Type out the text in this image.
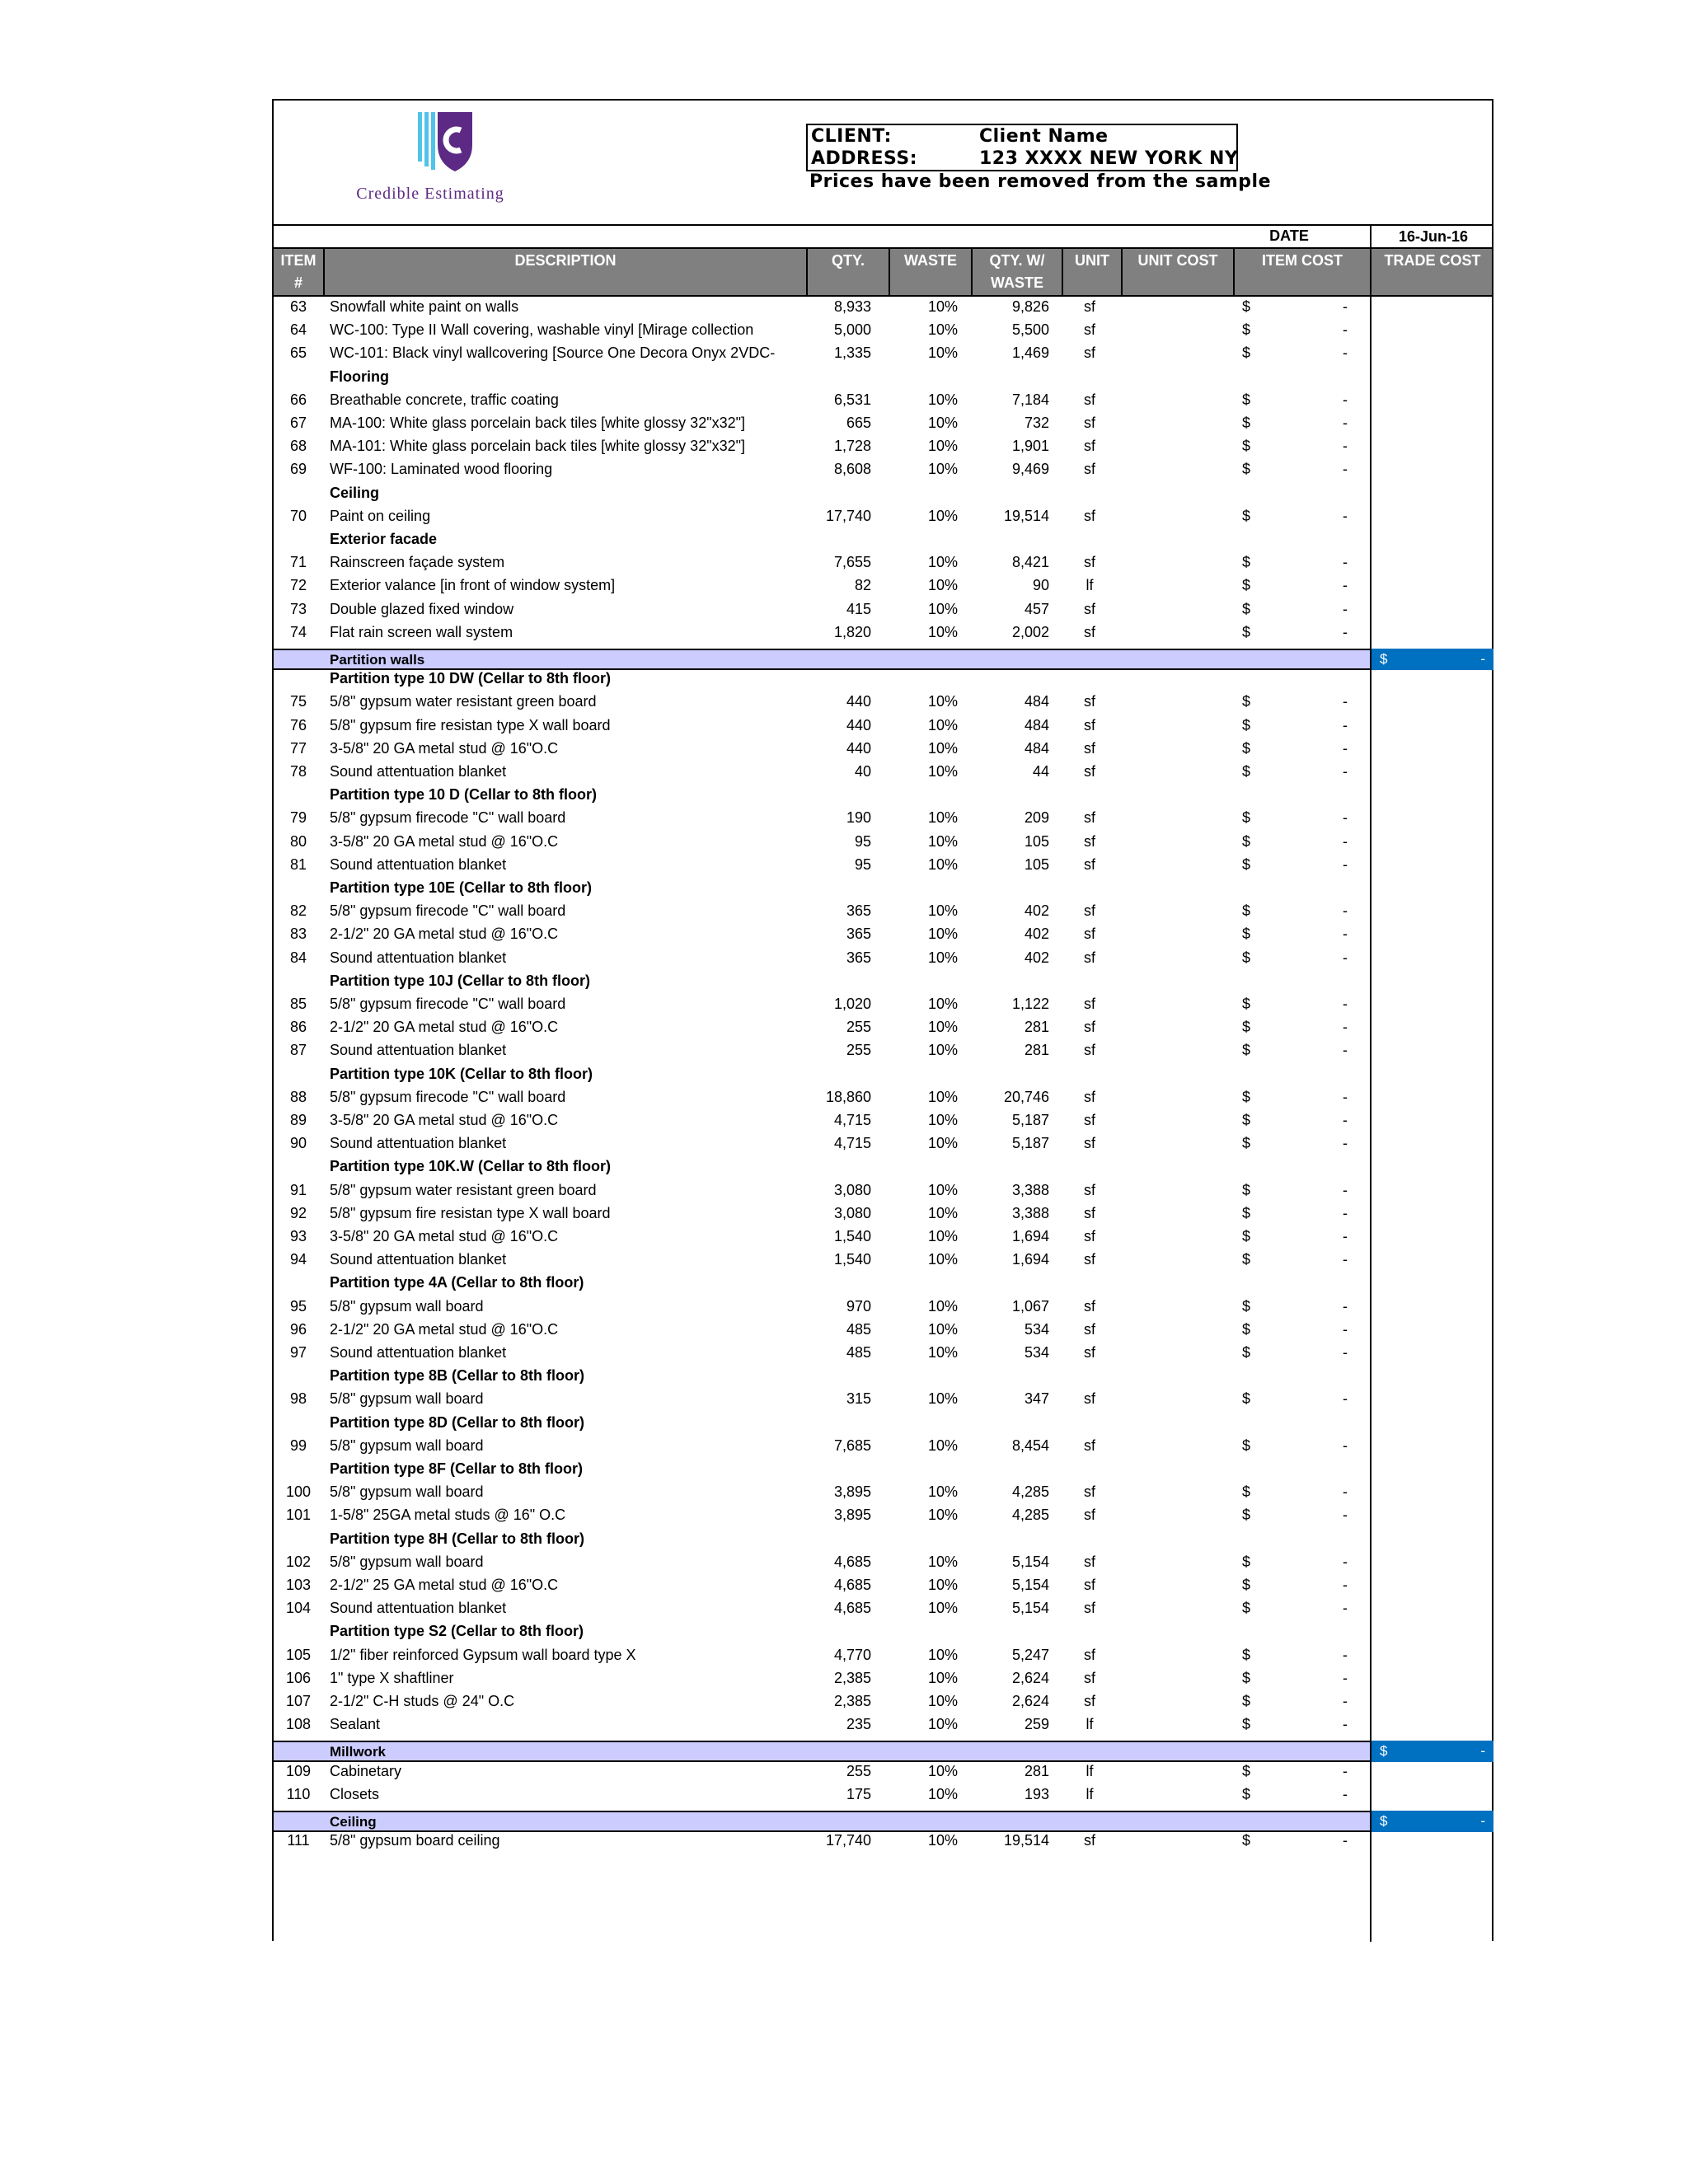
Credible Estimating
CLIENT:	Client Name
ADDRESS:	123 XXXX NEW YORK NY
Prices have been removed from the sample
DATE	16-Jun-16
ITEM
#
DESCRIPTION	QTY.	WASTE	QTY. W/
WASTE
UNIT	UNIT COST	ITEM COST	TRADE COST
63	Snowfall white paint on walls	8,933	10%	9,826	sf	$	-
64	WC-100: Type II Wall covering, washable vinyl [Mirage collection	5,000	10%	5,500	sf	$	-
65	WC-101: Black vinyl wallcovering [Source One Decora Onyx 2VDC-	1,335	10%	1,469	sf	$	-
Flooring
66	Breathable concrete, traffic coating	6,531	10%	7,184	sf	$	-
67	MA-100: White glass porcelain back tiles [white glossy 32"x32"]	665	10%	732	sf	$	-
68	MA-101: White glass porcelain back tiles [white glossy 32"x32"]	1,728	10%	1,901	sf	$	-
69	WF-100: Laminated wood flooring	8,608	10%	9,469	sf	$	-
Ceiling
70	Paint on ceiling	17,740	10%	19,514	sf	$	-
Exterior facade
71	Rainscreen façade system	7,655	10%	8,421	sf	$	-
72	Exterior valance [in front of window system]	82	10%	90	lf	$	-
73	Double glazed fixed window	415	10%	457	sf	$	-
74	Flat rain screen wall system	1,820	10%	2,002	sf	$	-
Partition walls	$	-
Partition type 10 DW (Cellar to 8th floor)
75	5/8" gypsum water resistant green board	440	10%	484	sf	$	-
76	5/8" gypsum fire resistan type X wall board	440	10%	484	sf	$	-
77	3-5/8" 20 GA metal stud @ 16"O.C	440	10%	484	sf	$	-
78	Sound attentuation blanket	40	10%	44	sf	$	-
Partition type 10 D (Cellar to 8th floor)
79	5/8" gypsum firecode "C" wall board	190	10%	209	sf	$	-
80	3-5/8" 20 GA metal stud @ 16"O.C	95	10%	105	sf	$	-
81	Sound attentuation blanket	95	10%	105	sf	$	-
Partition type 10E (Cellar to 8th floor)
82	5/8" gypsum firecode "C" wall board	365	10%	402	sf	$	-
83	2-1/2" 20 GA metal stud @ 16"O.C	365	10%	402	sf	$	-
84	Sound attentuation blanket	365	10%	402	sf	$	-
Partition type 10J (Cellar to 8th floor)
85	5/8" gypsum firecode "C" wall board	1,020	10%	1,122	sf	$	-
86	2-1/2" 20 GA metal stud @ 16"O.C	255	10%	281	sf	$	-
87	Sound attentuation blanket	255	10%	281	sf	$	-
Partition type 10K (Cellar to 8th floor)
88	5/8" gypsum firecode "C" wall board	18,860	10%	20,746	sf	$	-
89	3-5/8" 20 GA metal stud @ 16"O.C	4,715	10%	5,187	sf	$	-
90	Sound attentuation blanket	4,715	10%	5,187	sf	$	-
Partition type 10K.W (Cellar to 8th floor)
91	5/8" gypsum water resistant green board	3,080	10%	3,388	sf	$	-
92	5/8" gypsum fire resistan type X wall board	3,080	10%	3,388	sf	$	-
93	3-5/8" 20 GA metal stud @ 16"O.C	1,540	10%	1,694	sf	$	-
94	Sound attentuation blanket	1,540	10%	1,694	sf	$	-
Partition type 4A (Cellar to 8th floor)
95	5/8" gypsum wall board	970	10%	1,067	sf	$	-
96	2-1/2" 20 GA metal stud @ 16"O.C	485	10%	534	sf	$	-
97	Sound attentuation blanket	485	10%	534	sf	$	-
Partition type 8B (Cellar to 8th floor)
98	5/8" gypsum wall board	315	10%	347	sf	$	-
Partition type 8D (Cellar to 8th floor)
99	5/8" gypsum wall board	7,685	10%	8,454	sf	$	-
Partition type 8F (Cellar to 8th floor)
100	5/8" gypsum wall board	3,895	10%	4,285	sf	$	-
101	1-5/8" 25GA metal studs @ 16" O.C	3,895	10%	4,285	sf	$	-
Partition type 8H (Cellar to 8th floor)
102	5/8" gypsum wall board	4,685	10%	5,154	sf	$	-
103	2-1/2" 25 GA metal stud @ 16"O.C	4,685	10%	5,154	sf	$	-
104	Sound attentuation blanket	4,685	10%	5,154	sf	$	-
Partition type S2 (Cellar to 8th floor)
105	1/2" fiber reinforced Gypsum wall board type X	4,770	10%	5,247	sf	$	-
106	1" type X shaftliner	2,385	10%	2,624	sf	$	-
107	2-1/2" C-H studs @ 24" O.C	2,385	10%	2,624	sf	$	-
108	Sealant	235	10%	259	lf	$	-
Millwork	$	-
109	Cabinetary	255	10%	281	lf	$	-
110	Closets	175	10%	193	lf	$	-
Ceiling	$	-
111	5/8" gypsum board ceiling	17,740	10%	19,514	sf	$	-
